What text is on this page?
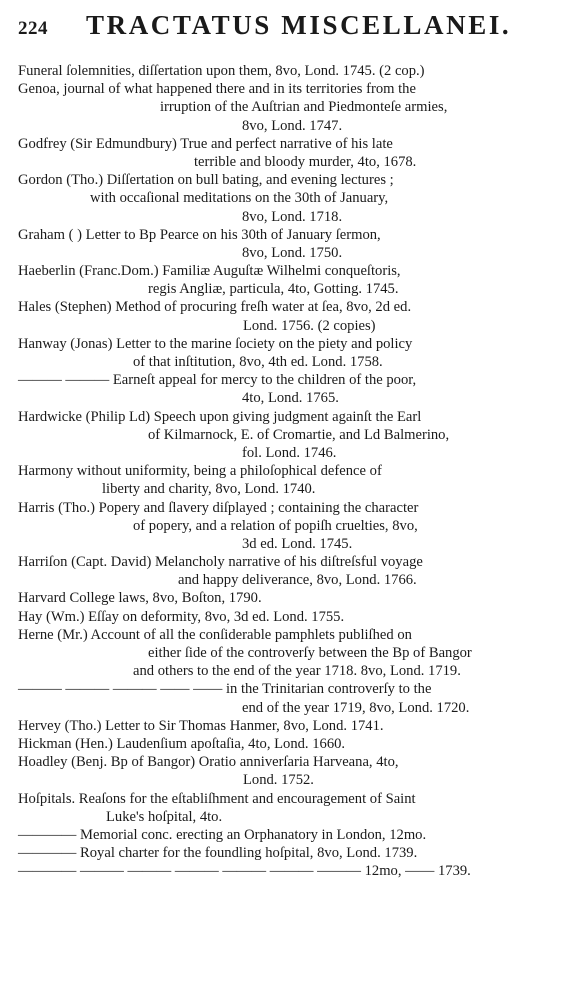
224 TRACTATUS MISCELLANEI.
Funeral ſolemnities, diſſertation upon them, 8vo, Lond. 1745. (2 cop.)
Genoa, journal of what happened there and in its territories from the
irruption of the Auſtrian and Piedmonteſe armies,
8vo, Lond. 1747.
Godfrey (Sir Edmundbury) True and perfect narrative of his late
terrible and bloody murder, 4to, 1678.
Gordon (Tho.) Diſſertation on bull bating, and evening lectures ;
with occaſional meditations on the 30th of January,
8vo, Lond. 1718.
Graham ( ) Letter to Bp Pearce on his 30th of January ſermon,
8vo, Lond. 1750.
Haeberlin (Franc.Dom.) Familiæ Auguſtæ Wilhelmi conqueſtoris,
regis Angliæ, particula, 4to, Gotting. 1745.
Hales (Stephen) Method of procuring freſh water at ſea, 8vo, 2d ed.
Lond. 1756. (2 copies)
Hanway (Jonas) Letter to the marine ſociety on the piety and policy
of that inſtitution, 8vo, 4th ed. Lond. 1758.
——— ——— Earneſt appeal for mercy to the children of the poor,
4to, Lond. 1765.
Hardwicke (Philip Ld) Speech upon giving judgment againſt the Earl
of Kilmarnock, E. of Cromartie, and Ld Balmerino,
fol. Lond. 1746.
Harmony without uniformity, being a philoſophical defence of
liberty and charity, 8vo, Lond. 1740.
Harris (Tho.) Popery and ſlavery diſplayed ; containing the character
of popery, and a relation of popiſh cruelties, 8vo,
3d ed. Lond. 1745.
Harriſon (Capt. David) Melancholy narrative of his diſtreſsful voyage
and happy deliverance, 8vo, Lond. 1766.
Harvard College laws, 8vo, Boſton, 1790.
Hay (Wm.) Eſſay on deformity, 8vo, 3d ed. Lond. 1755.
Herne (Mr.) Account of all the conſiderable pamphlets publiſhed on
either ſide of the controverſy between the Bp of Bangor
and others to the end of the year 1718. 8vo, Lond. 1719.
——— ——— ——— —— —— in the Trinitarian controverſy to the
end of the year 1719, 8vo, Lond. 1720.
Hervey (Tho.) Letter to Sir Thomas Hanmer, 8vo, Lond. 1741.
Hickman (Hen.) Laudenſium apoſtaſia, 4to, Lond. 1660.
Hoadley (Benj. Bp of Bangor) Oratio anniverſaria Harveana, 4to,
Lond. 1752.
Hoſpitals. Reaſons for the eſtabliſhment and encouragement of Saint
Luke's hoſpital, 4to.
———— Memorial conc. erecting an Orphanatory in London, 12mo.
———— Royal charter for the foundling hoſpital, 8vo, Lond. 1739.
———— ——— ——— ——— ——— ——— ——— 12mo, —— 1739.
